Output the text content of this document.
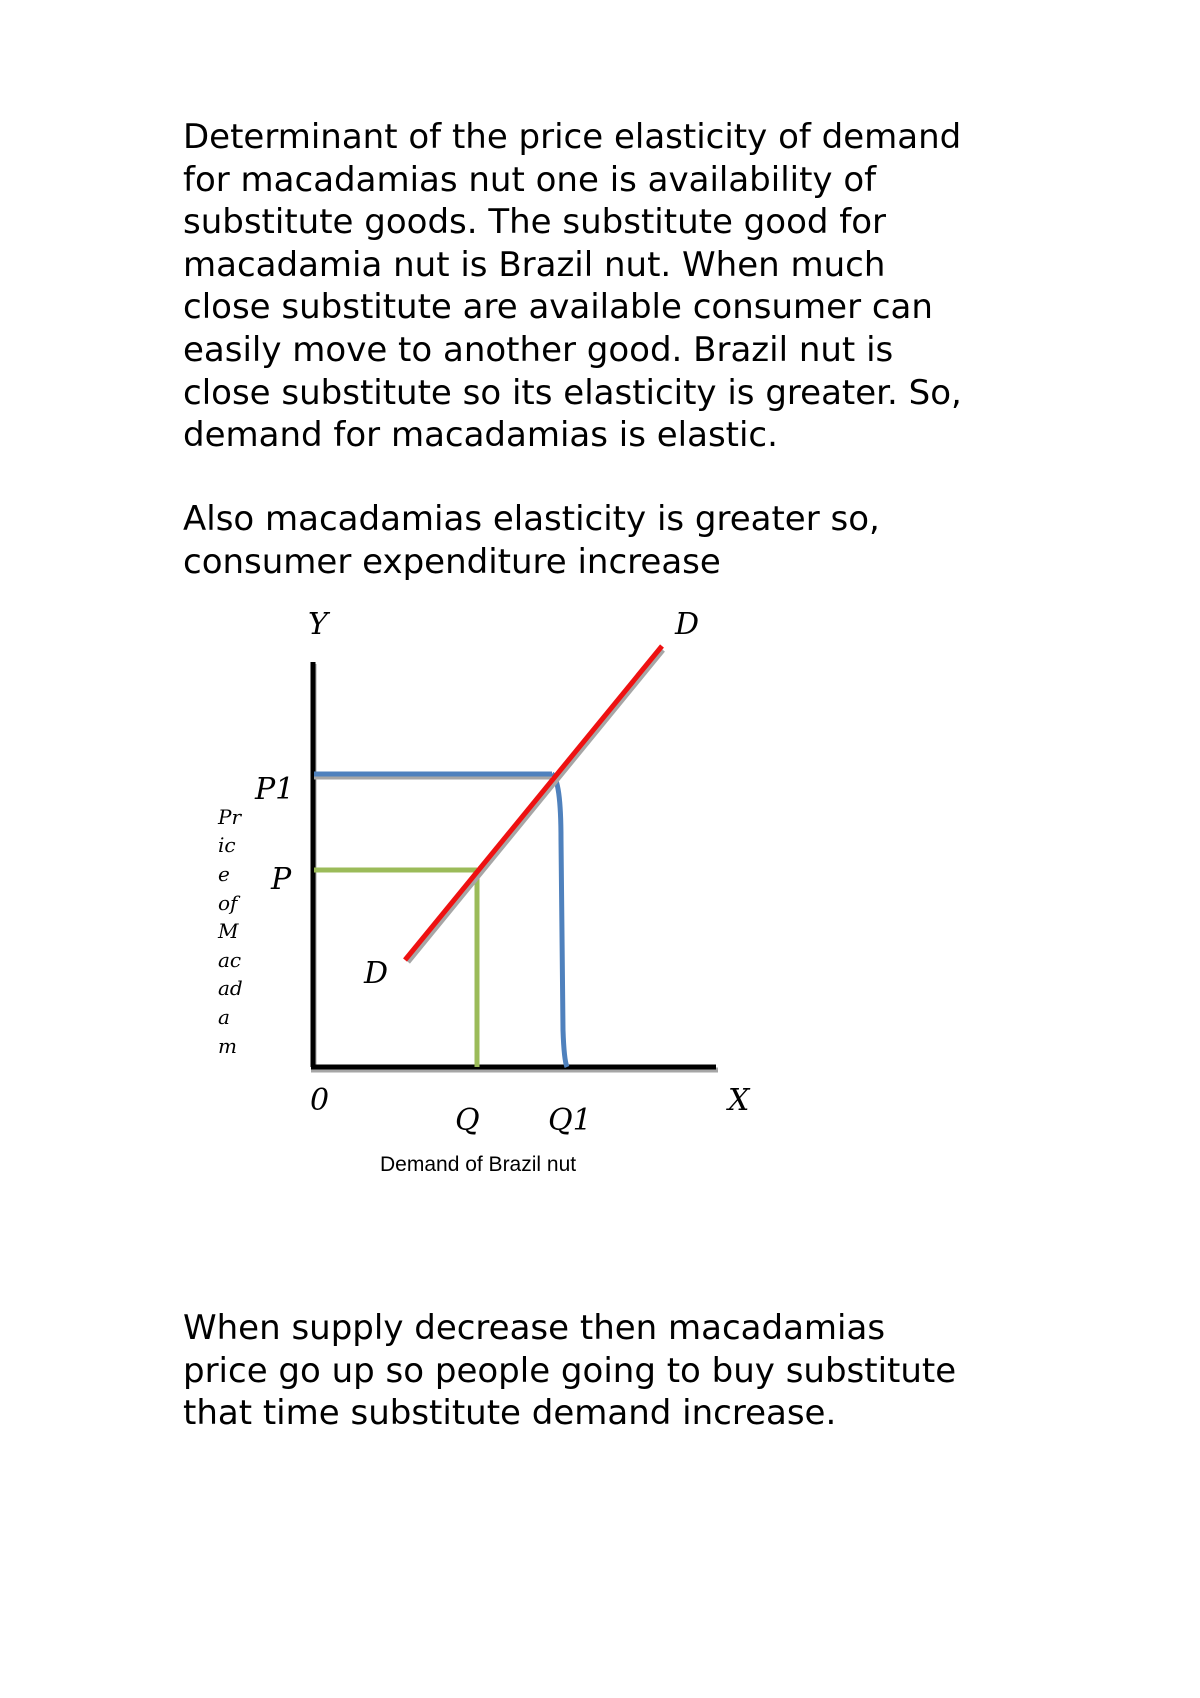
Determinant of the price elasticity of demand
for macadamias nut one is availability of
substitute goods. The substitute good for
macadamia nut is Brazil nut. When much
close substitute are available consumer can
easily move to another good. Brazil nut is
close substitute so its elasticity is greater. So,
demand for macadamias is elastic.

Also macadamias elasticity is greater so,
consumer expenditure increase

Y	D
P1
P
D
0	X
Q Q1
Pr
ic
e
of
M
ac
ad
a
m
Demand of Brazil nut

When supply decrease then macadamias
price go up so people going to buy substitute
that time substitute demand increase.
